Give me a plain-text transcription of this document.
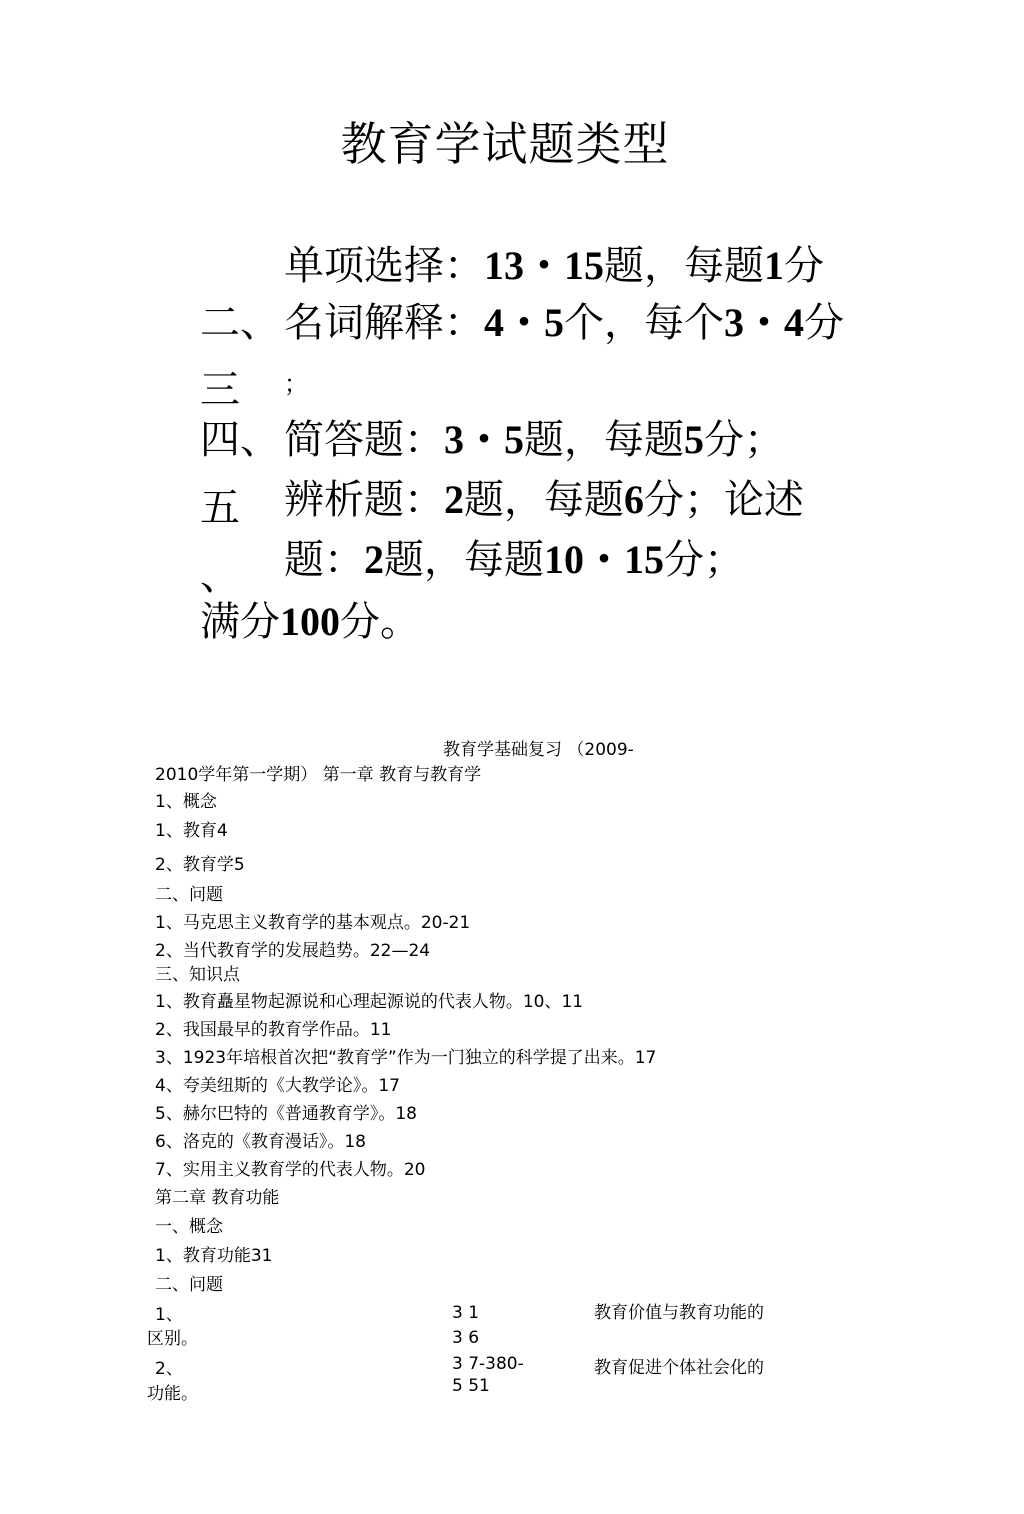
教育学试题类型
单项选择：13・15题，每题1分
二、 名词解释：4・5个，每个3・4分
三 ；
四、 简答题：3・5题，每题5分；
五 辨析题：2题，每题6分；论述
、 题：2题，每题10・15分；
满分100分。
教育学基础复习 （2009-
2010学年第一学期） 第一章 教育与教育学
1、概念
1、教育4
2、教育学5
二、问题
1、马克思主义教育学的基本观点。20-21
2、当代教育学的发展趋势。22—24
三、知识点
1、教育矗星物起源说和心理起源说的代表人物。10、11
2、我国最早的教育学作品。11
3、1923年培根首次把“教育学”作为一门独立的科学提了出来。17
4、夸美纽斯的《大教学论》。17
5、赫尔巴特的《普通教育学》。18
6、洛克的《教育漫话》。18
7、实用主义教育学的代表人物。20
第二章 教育功能
一、概念
1、教育功能31
二、问题
1、
区别。
3 1
3 6
教育价值与教育功能的
2、
功能。
3 7-380-
5 51
教育促进个体社会化的
